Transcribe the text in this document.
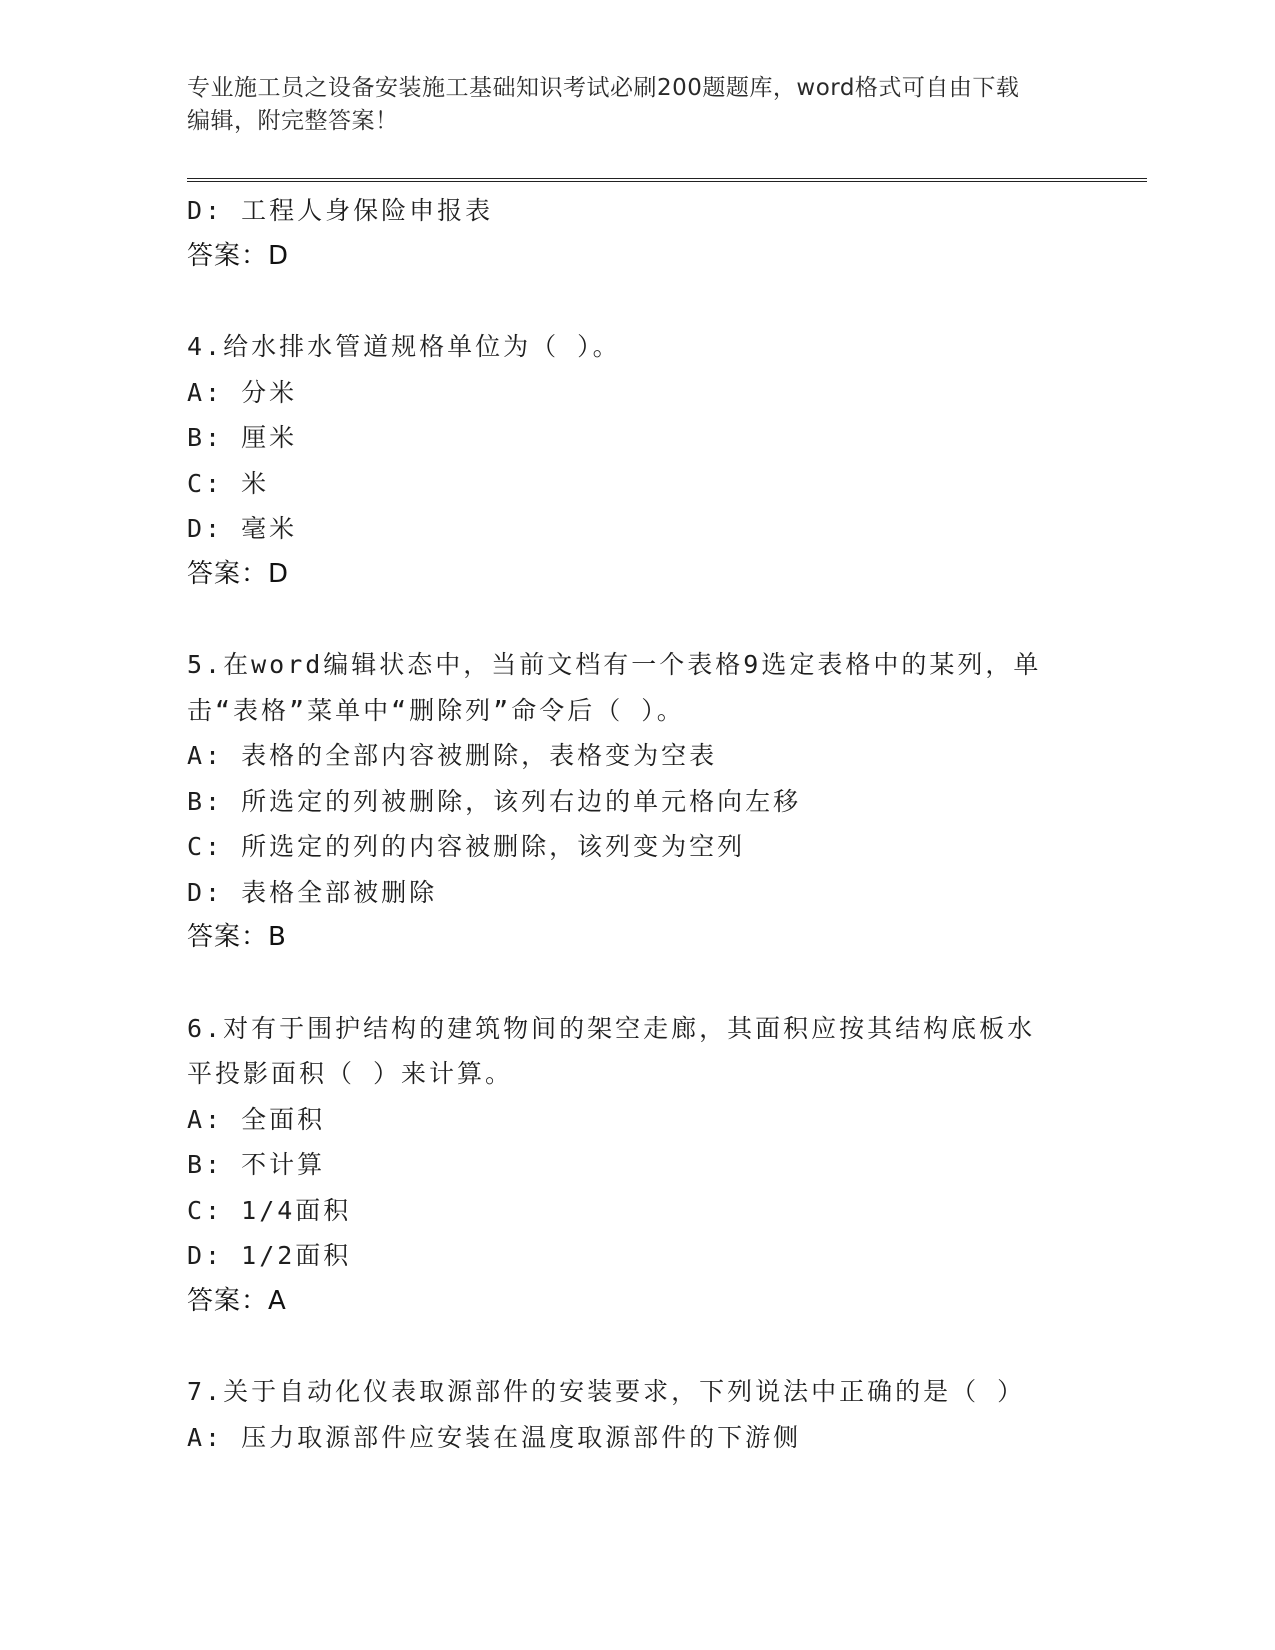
专业施工员之设备安装施工基础知识考试必刷200题题库，word格式可自由下载
编辑，附完整答案！
D: 工程人身保险申报表
答案：D
4.给水排水管道规格单位为（ ）。
A: 分米
B: 厘米
C: 米
D: 毫米
答案：D
5.在word编辑状态中，当前文档有一个表格9选定表格中的某列，单
击“表格”菜单中“删除列”命令后（ ）。
A: 表格的全部内容被删除，表格变为空表
B: 所选定的列被删除，该列右边的单元格向左移
C: 所选定的列的内容被删除，该列变为空列
D: 表格全部被删除
答案：B
6.对有于围护结构的建筑物间的架空走廊，其面积应按其结构底板水
平投影面积（ ）来计算。
A: 全面积
B: 不计算
C: 1/4面积
D: 1/2面积
答案：A
7.关于自动化仪表取源部件的安装要求，下列说法中正确的是（ ）
A: 压力取源部件应安装在温度取源部件的下游侧
